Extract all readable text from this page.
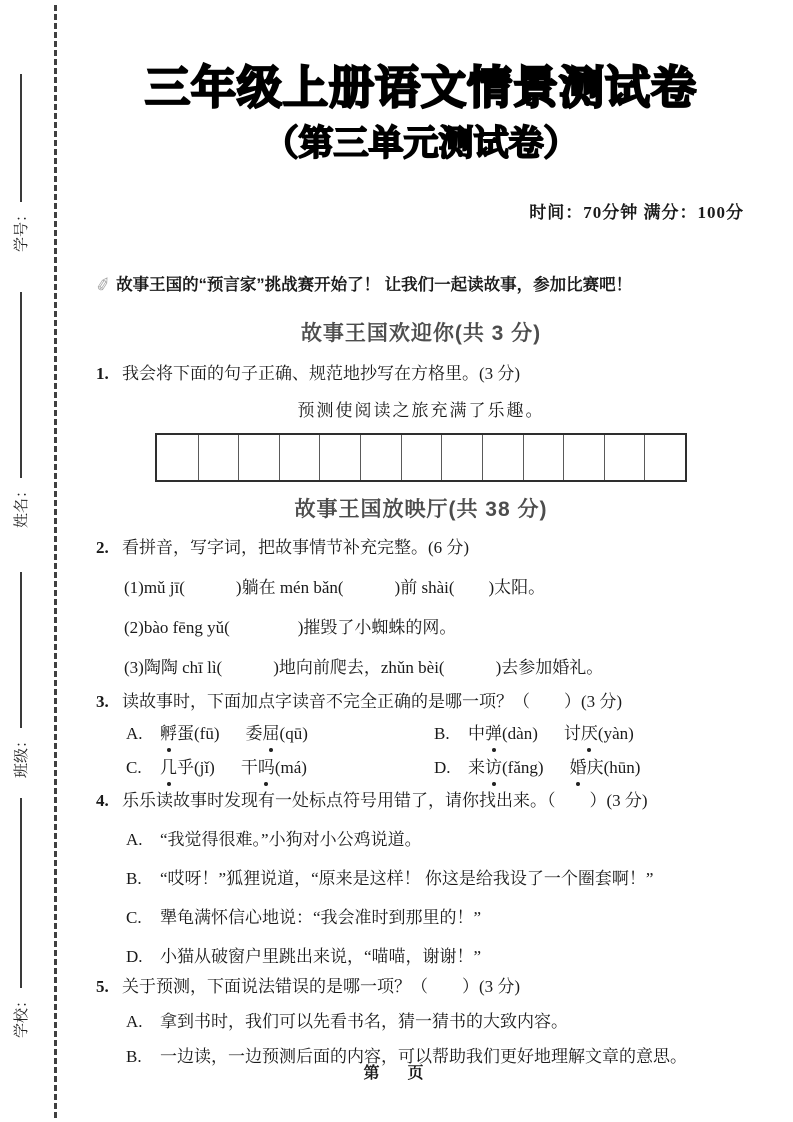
学号：
姓名：
班级：
学校：
三年级上册语文情景测试卷
（第三单元测试卷）
时间：70分钟 满分：100分
✐ 故事王国的“预言家”挑战赛开始了！ 让我们一起读故事，参加比赛吧！
故事王国欢迎你(共 3 分)
1. 我会将下面的句子正确、规范地抄写在方格里。(3 分)
预测使阅读之旅充满了乐趣。
故事王国放映厅(共 38 分)
2. 看拼音，写字词，把故事情节补充完整。(6 分)
(1)mǔ jī(　　　)躺在 mén bǎn(　　　)前 shài(　　)太阳。
(2)bào fēng yǔ(　　　　)摧毁了小蜘蛛的网。
(3)陶陶 chī lì(　　　)地向前爬去，zhǔn bèi(　　　)去参加婚礼。
3. 读故事时，下面加点字读音不完全正确的是哪一项？（　　）(3 分)
A.	孵蛋(fū) 委屈(qū)	B.	中弹(dàn) 讨厌(yàn)
C.	几乎(jǐ) 干吗(má)	D.	来访(fǎng) 婚庆(hūn)
4. 乐乐读故事时发现有一处标点符号用错了，请你找出来。（　　）(3 分)
A.	“我觉得很难。”小狗对小公鸡说道。
B.	“哎呀！”狐狸说道，“原来是这样！ 你这是给我设了一个圈套啊！”
C.	犟龟满怀信心地说：“我会准时到那里的！”
D.	小猫从破窗户里跳出来说，“喵喵，谢谢！”
5. 关于预测，下面说法错误的是哪一项？（　　）(3 分)
A.	拿到书时，我们可以先看书名，猜一猜书的大致内容。
B.	一边读，一边预测后面的内容，可以帮助我们更好地理解文章的意思。
第　页
